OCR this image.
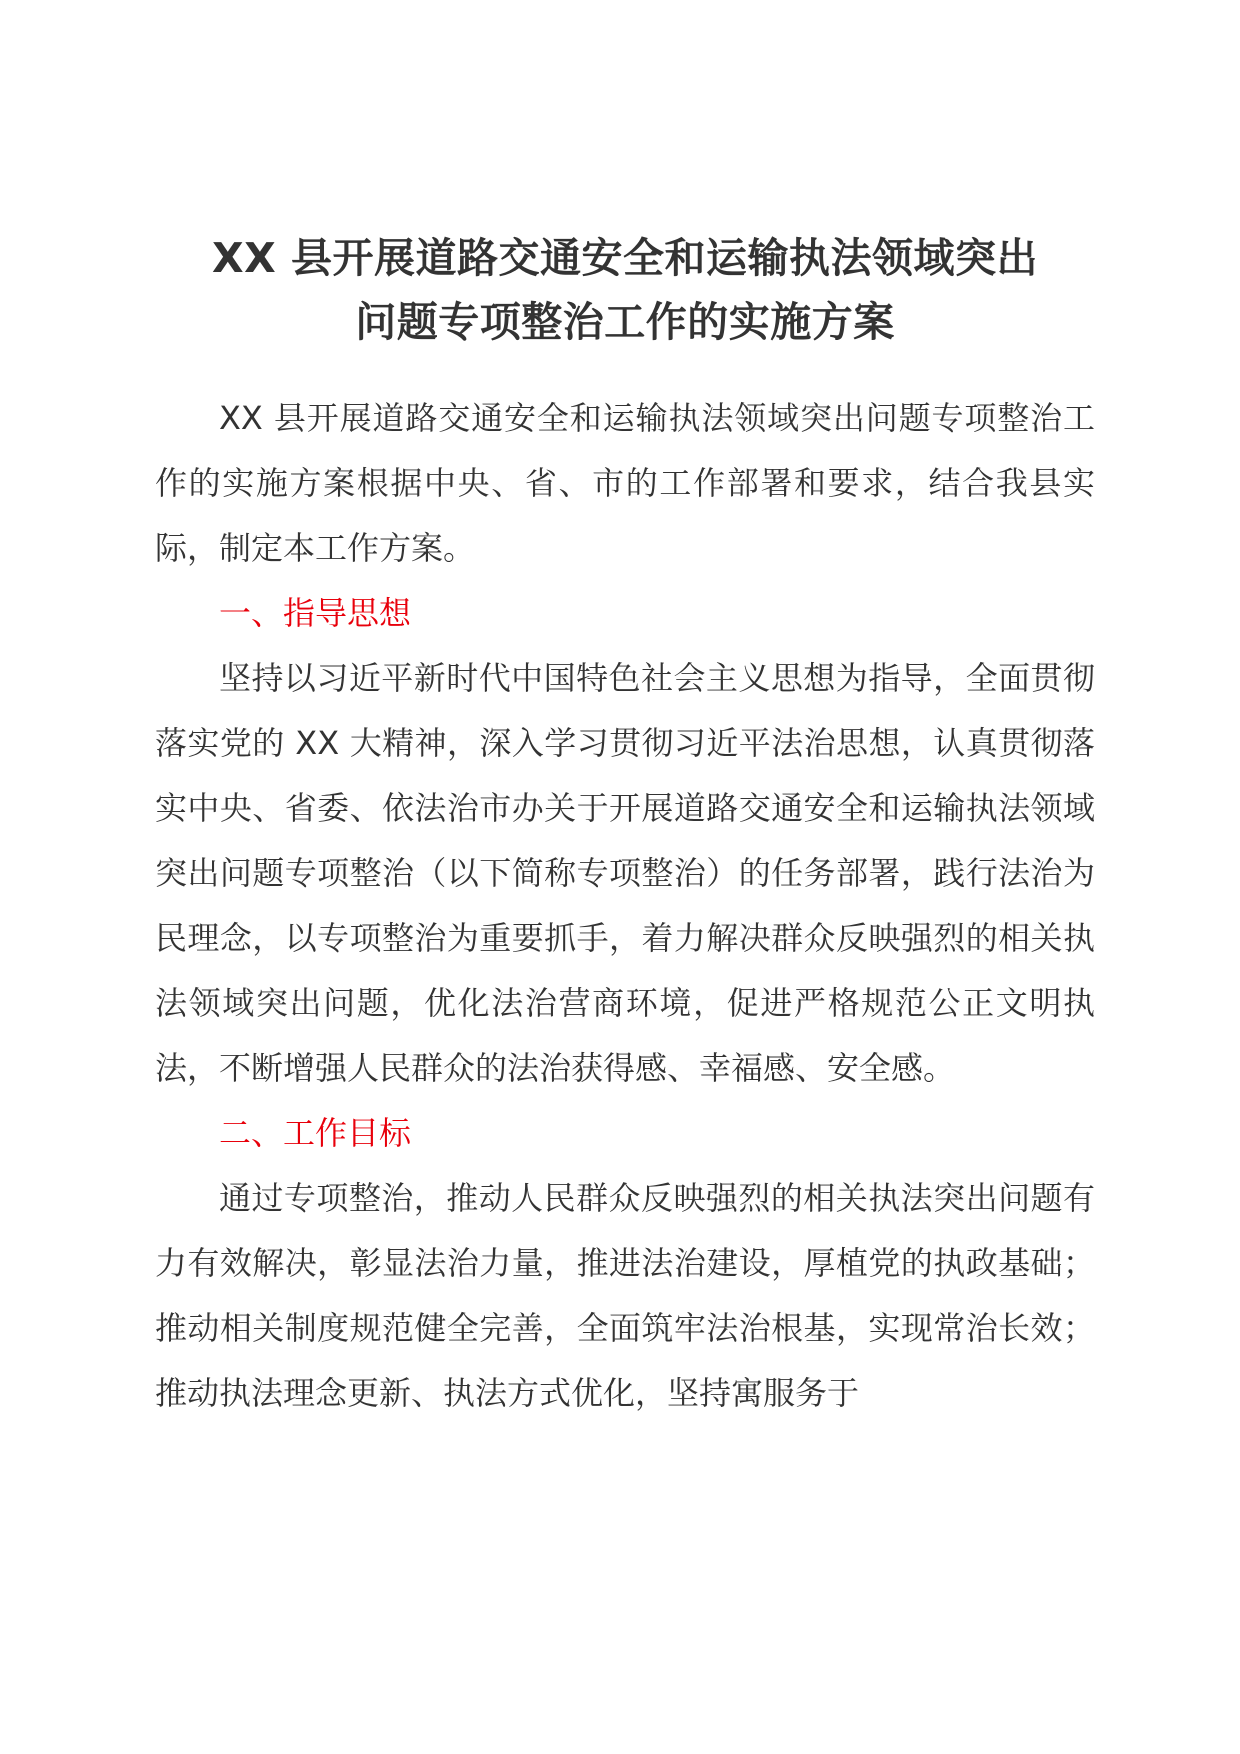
XX 县开展道路交通安全和运输执法领域突出
问题专项整治工作的实施方案

XX 县开展道路交通安全和运输执法领域突出问题专项整治工作的实施方案根据中央、省、市的工作部署和要求，结合我县实际，制定本工作方案。

一、指导思想

坚持以习近平新时代中国特色社会主义思想为指导，全面贯彻落实党的 XX 大精神，深入学习贯彻习近平法治思想，认真贯彻落实中央、省委、依法治市办关于开展道路交通安全和运输执法领域突出问题专项整治（以下简称专项整治）的任务部署，践行法治为民理念，以专项整治为重要抓手，着力解决群众反映强烈的相关执法领域突出问题，优化法治营商环境，促进严格规范公正文明执法，不断增强人民群众的法治获得感、幸福感、安全感。

二、工作目标

通过专项整治，推动人民群众反映强烈的相关执法突出问题有力有效解决，彰显法治力量，推进法治建设，厚植党的执政基础；推动相关制度规范健全完善，全面筑牢法治根基，实现常治长效；推动执法理念更新、执法方式优化，坚持寓服务于
